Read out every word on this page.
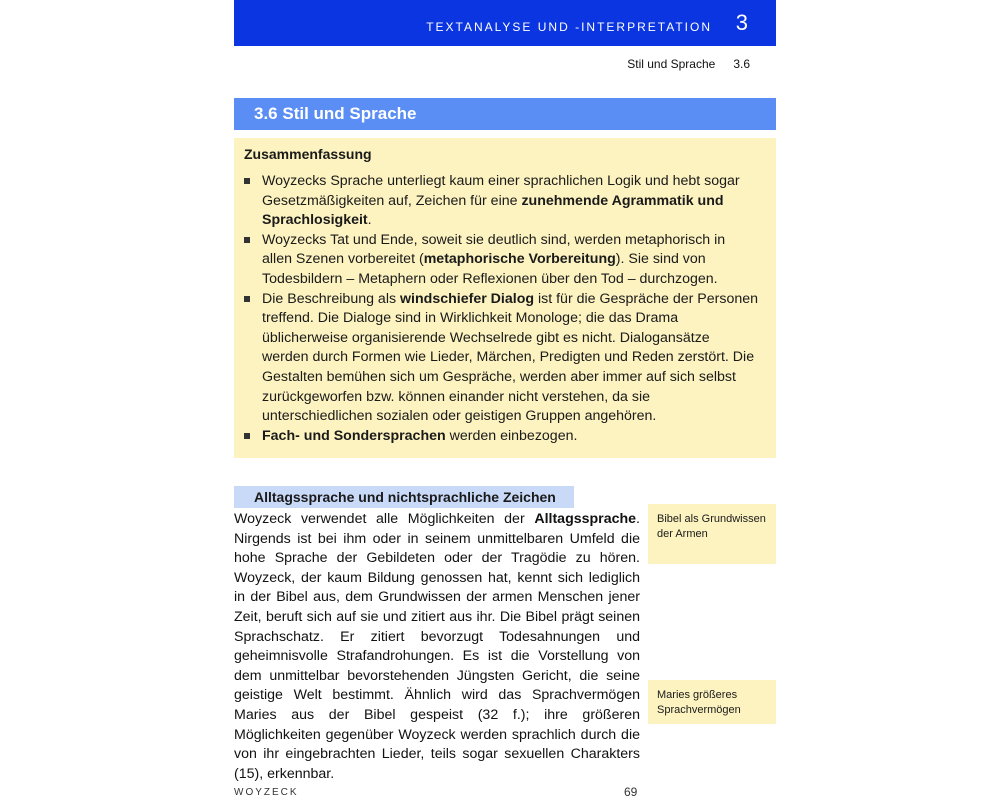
TEXTANALYSE UND -INTERPRETATION 3
Stil und Sprache 3.6
3.6 Stil und Sprache
Zusammenfassung
Woyzecks Sprache unterliegt kaum einer sprachlichen Logik und hebt sogar Gesetzmäßigkeiten auf, Zeichen für eine zunehmende Agrammatik und Sprachlosigkeit.
Woyzecks Tat und Ende, soweit sie deutlich sind, werden metaphorisch in allen Szenen vorbereitet (metaphorische Vorbereitung). Sie sind von Todesbildern – Metaphern oder Reflexionen über den Tod – durchzogen.
Die Beschreibung als windschiefer Dialog ist für die Gespräche der Personen treffend. Die Dialoge sind in Wirklichkeit Monologe; die das Drama üblicherweise organisierende Wechselrede gibt es nicht. Dialogansätze werden durch Formen wie Lieder, Märchen, Predigten und Reden zerstört. Die Gestalten bemühen sich um Gespräche, werden aber immer auf sich selbst zurückgeworfen bzw. können einander nicht verstehen, da sie unterschiedlichen sozialen oder geistigen Gruppen angehören.
Fach- und Sondersprachen werden einbezogen.
Alltagssprache und nichtsprachliche Zeichen
Woyzeck verwendet alle Möglichkeiten der Alltagssprache. Nirgends ist bei ihm oder in seinem unmittelbaren Umfeld die hohe Sprache der Gebildeten oder der Tragödie zu hören. Woyzeck, der kaum Bildung genossen hat, kennt sich lediglich in der Bibel aus, dem Grundwissen der armen Menschen jener Zeit, beruft sich auf sie und zitiert aus ihr. Die Bibel prägt seinen Sprachschatz. Er zitiert bevorzugt Todesahnungen und geheimnisvolle Strafandrohungen. Es ist die Vorstellung von dem unmittelbar bevorstehenden Jüngsten Gericht, die seine geistige Welt bestimmt. Ähnlich wird das Sprachvermögen Maries aus der Bibel gespeist (32 f.); ihre größeren Möglichkeiten gegenüber Woyzeck werden sprachlich durch die von ihr eingebrachten Lieder, teils sogar sexuellen Charakters (15), erkennbar.
Bibel als Grundwissen der Armen
Maries größeres Sprachvermögen
WOYZECK	69
